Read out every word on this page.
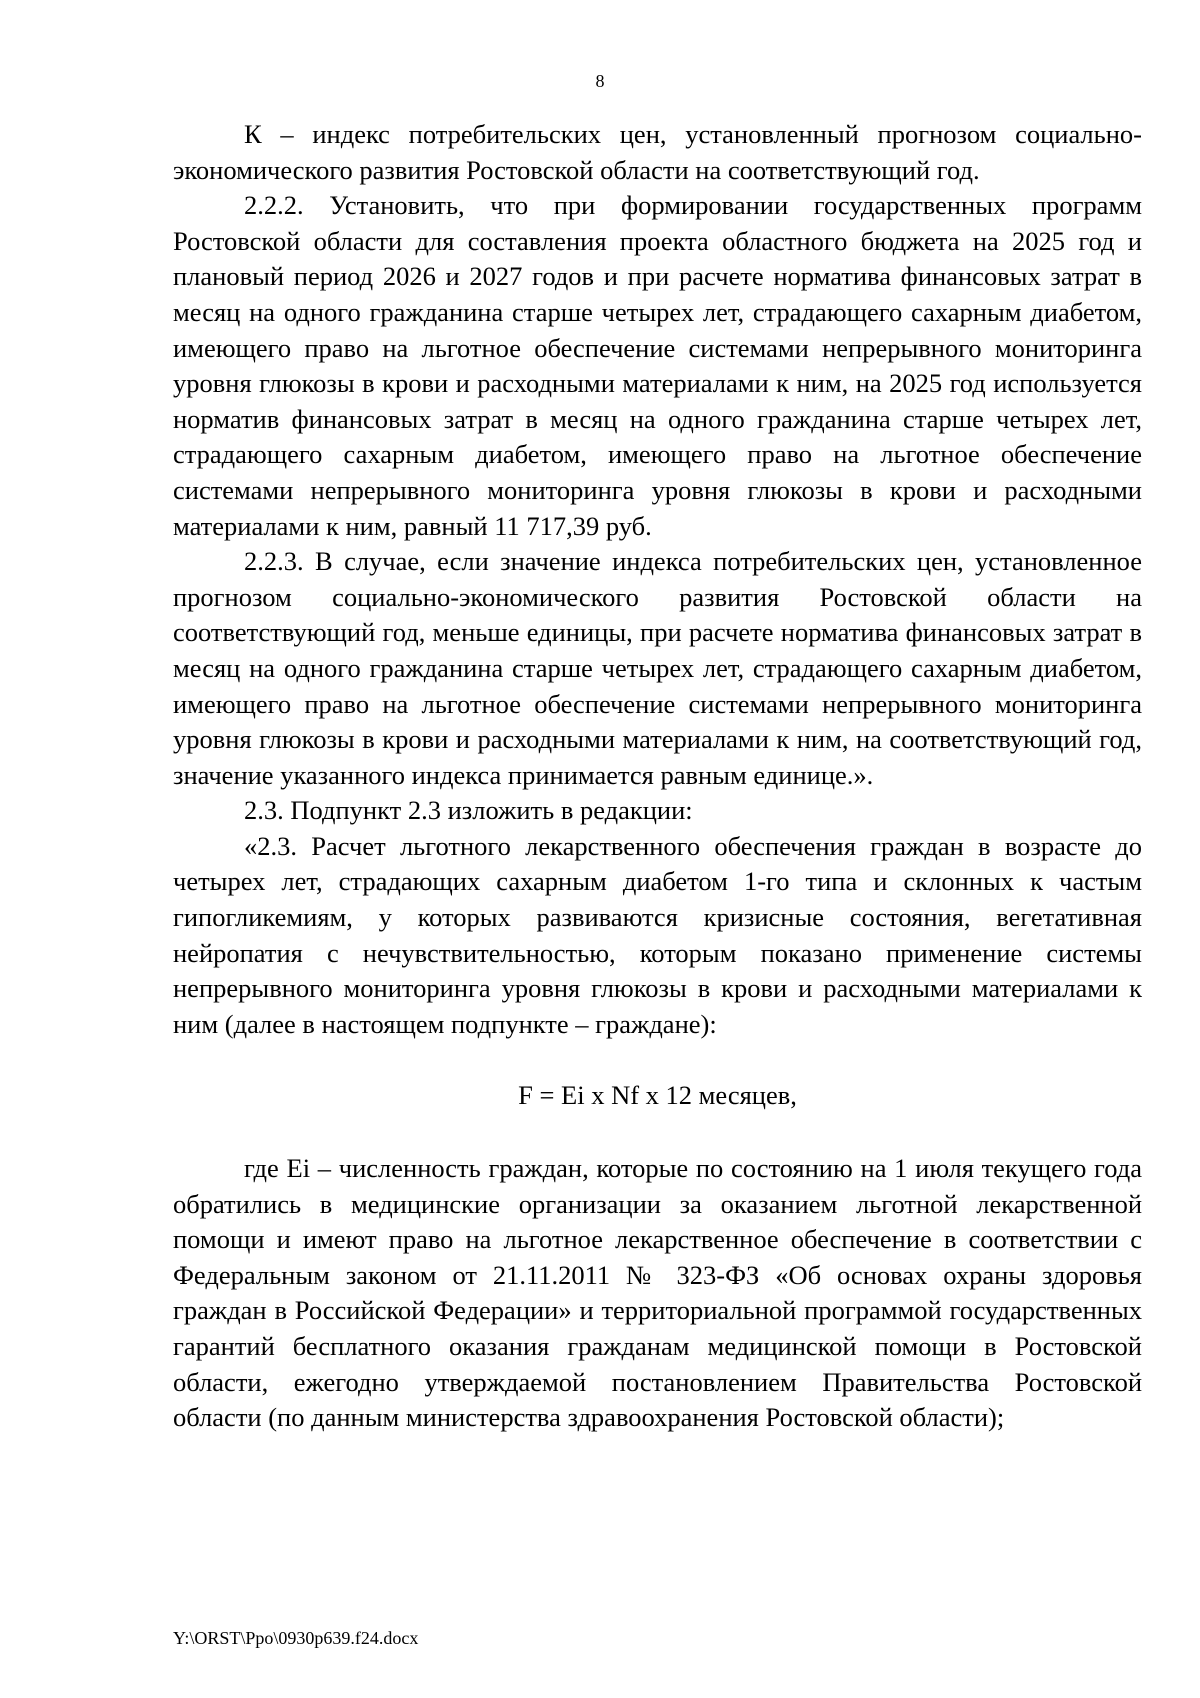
8

К – индекс потребительских цен, установленный прогнозом социально-экономического развития Ростовской области на соответствующий год.

2.2.2. Установить, что при формировании государственных программ Ростовской области для составления проекта областного бюджета на 2025 год и плановый период 2026 и 2027 годов и при расчете норматива финансовых затрат в месяц на одного гражданина старше четырех лет, страдающего сахарным диабетом, имеющего право на льготное обеспечение системами непрерывного мониторинга уровня глюкозы в крови и расходными материалами к ним, на 2025 год используется норматив финансовых затрат в месяц на одного гражданина старше четырех лет, страдающего сахарным диабетом, имеющего право на льготное обеспечение системами непрерывного мониторинга уровня глюкозы в крови и расходными материалами к ним, равный 11 717,39 руб.

2.2.3. В случае, если значение индекса потребительских цен, установленное прогнозом социально-экономического развития Ростовской области на соответствующий год, меньше единицы, при расчете норматива финансовых затрат в месяц на одного гражданина старше четырех лет, страдающего сахарным диабетом, имеющего право на льготное обеспечение системами непрерывного мониторинга уровня глюкозы в крови и расходными материалами к ним, на соответствующий год, значение указанного индекса принимается равным единице.».

2.3. Подпункт 2.3 изложить в редакции:

«2.3. Расчет льготного лекарственного обеспечения граждан в возрасте до четырех лет, страдающих сахарным диабетом 1-го типа и склонных к частым гипогликемиям, у которых развиваются кризисные состояния, вегетативная нейропатия с нечувствительностью, которым показано применение системы непрерывного мониторинга уровня глюкозы в крови и расходными материалами к ним (далее в настоящем подпункте – граждане):

F = Ei x Nf x 12 месяцев,

где Ei – численность граждан, которые по состоянию на 1 июля текущего года обратились в медицинские организации за оказанием льготной лекарственной помощи и имеют право на льготное лекарственное обеспечение в соответствии с Федеральным законом от 21.11.2011 № 323-ФЗ «Об основах охраны здоровья граждан в Российской Федерации» и территориальной программой государственных гарантий бесплатного оказания гражданам медицинской помощи в Ростовской области, ежегодно утверждаемой постановлением Правительства Ростовской области (по данным министерства здравоохранения Ростовской области);

Y:\ORST\Ppo\0930p639.f24.docx
